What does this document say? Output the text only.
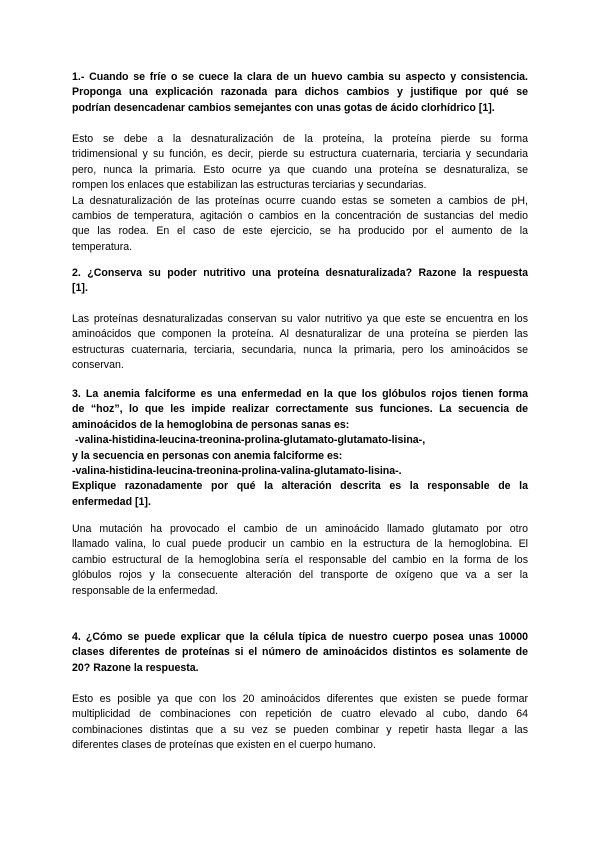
1.- Cuando se fríe o se cuece la clara de un huevo cambia su aspecto y consistencia.
Proponga una explicación razonada para dichos cambios y justifique por qué se
podrían desencadenar cambios semejantes con unas gotas de ácido clorhídrico [1].
Esto se debe a la desnaturalización de la proteína, la proteína pierde su forma
tridimensional y su función, es decir, pierde su estructura cuaternaria, terciaria y secundaria
pero, nunca la primaria. Esto ocurre ya que cuando una proteína se desnaturaliza, se
rompen los enlaces que estabilizan las estructuras terciarias y secundarias.
La desnaturalización de las proteínas ocurre cuando estas se someten a cambios de pH,
cambios de temperatura, agitación o cambios en la concentración de sustancias del medio
que las rodea. En el caso de este ejercicio, se ha producido por el aumento de la
temperatura.
2. ¿Conserva su poder nutritivo una proteína desnaturalizada? Razone la respuesta
[1].
Las proteínas desnaturalizadas conservan su valor nutritivo ya que este se encuentra en los
aminoácidos que componen la proteína. Al desnaturalizar de una proteína se pierden las
estructuras cuaternaria, terciaria, secundaria, nunca la primaria, pero los aminoácidos se
conservan.
3. La anemia falciforme es una enfermedad en la que los glóbulos rojos tienen forma
de “hoz”, lo que les impide realizar correctamente sus funciones. La secuencia de
aminoácidos de la hemoglobina de personas sanas es:
-valina-histidina-leucina-treonina-prolina-glutamato-glutamato-lisina-,
y la secuencia en personas con anemia falciforme es:
-valina-histidina-leucina-treonina-prolina-valina-glutamato-lisina-.
Explique razonadamente por qué la alteración descrita es la responsable de la
enfermedad [1].
Una mutación ha provocado el cambio de un aminoácido llamado glutamato por otro
llamado valina, lo cual puede producir un cambio en la estructura de la hemoglobina. El
cambio estructural de la hemoglobina sería el responsable del cambio en la forma de los
glóbulos rojos y la consecuente alteración del transporte de oxígeno que va a ser la
responsable de la enfermedad.
4. ¿Cómo se puede explicar que la célula típica de nuestro cuerpo posea unas 10000
clases diferentes de proteínas si el número de aminoácidos distintos es solamente de
20? Razone la respuesta.
Esto es posible ya que con los 20 aminoácidos diferentes que existen se puede formar
multiplicidad de combinaciones con repetición de cuatro elevado al cubo, dando 64
combinaciones distintas que a su vez se pueden combinar y repetir hasta llegar a las
diferentes clases de proteínas que existen en el cuerpo humano.
